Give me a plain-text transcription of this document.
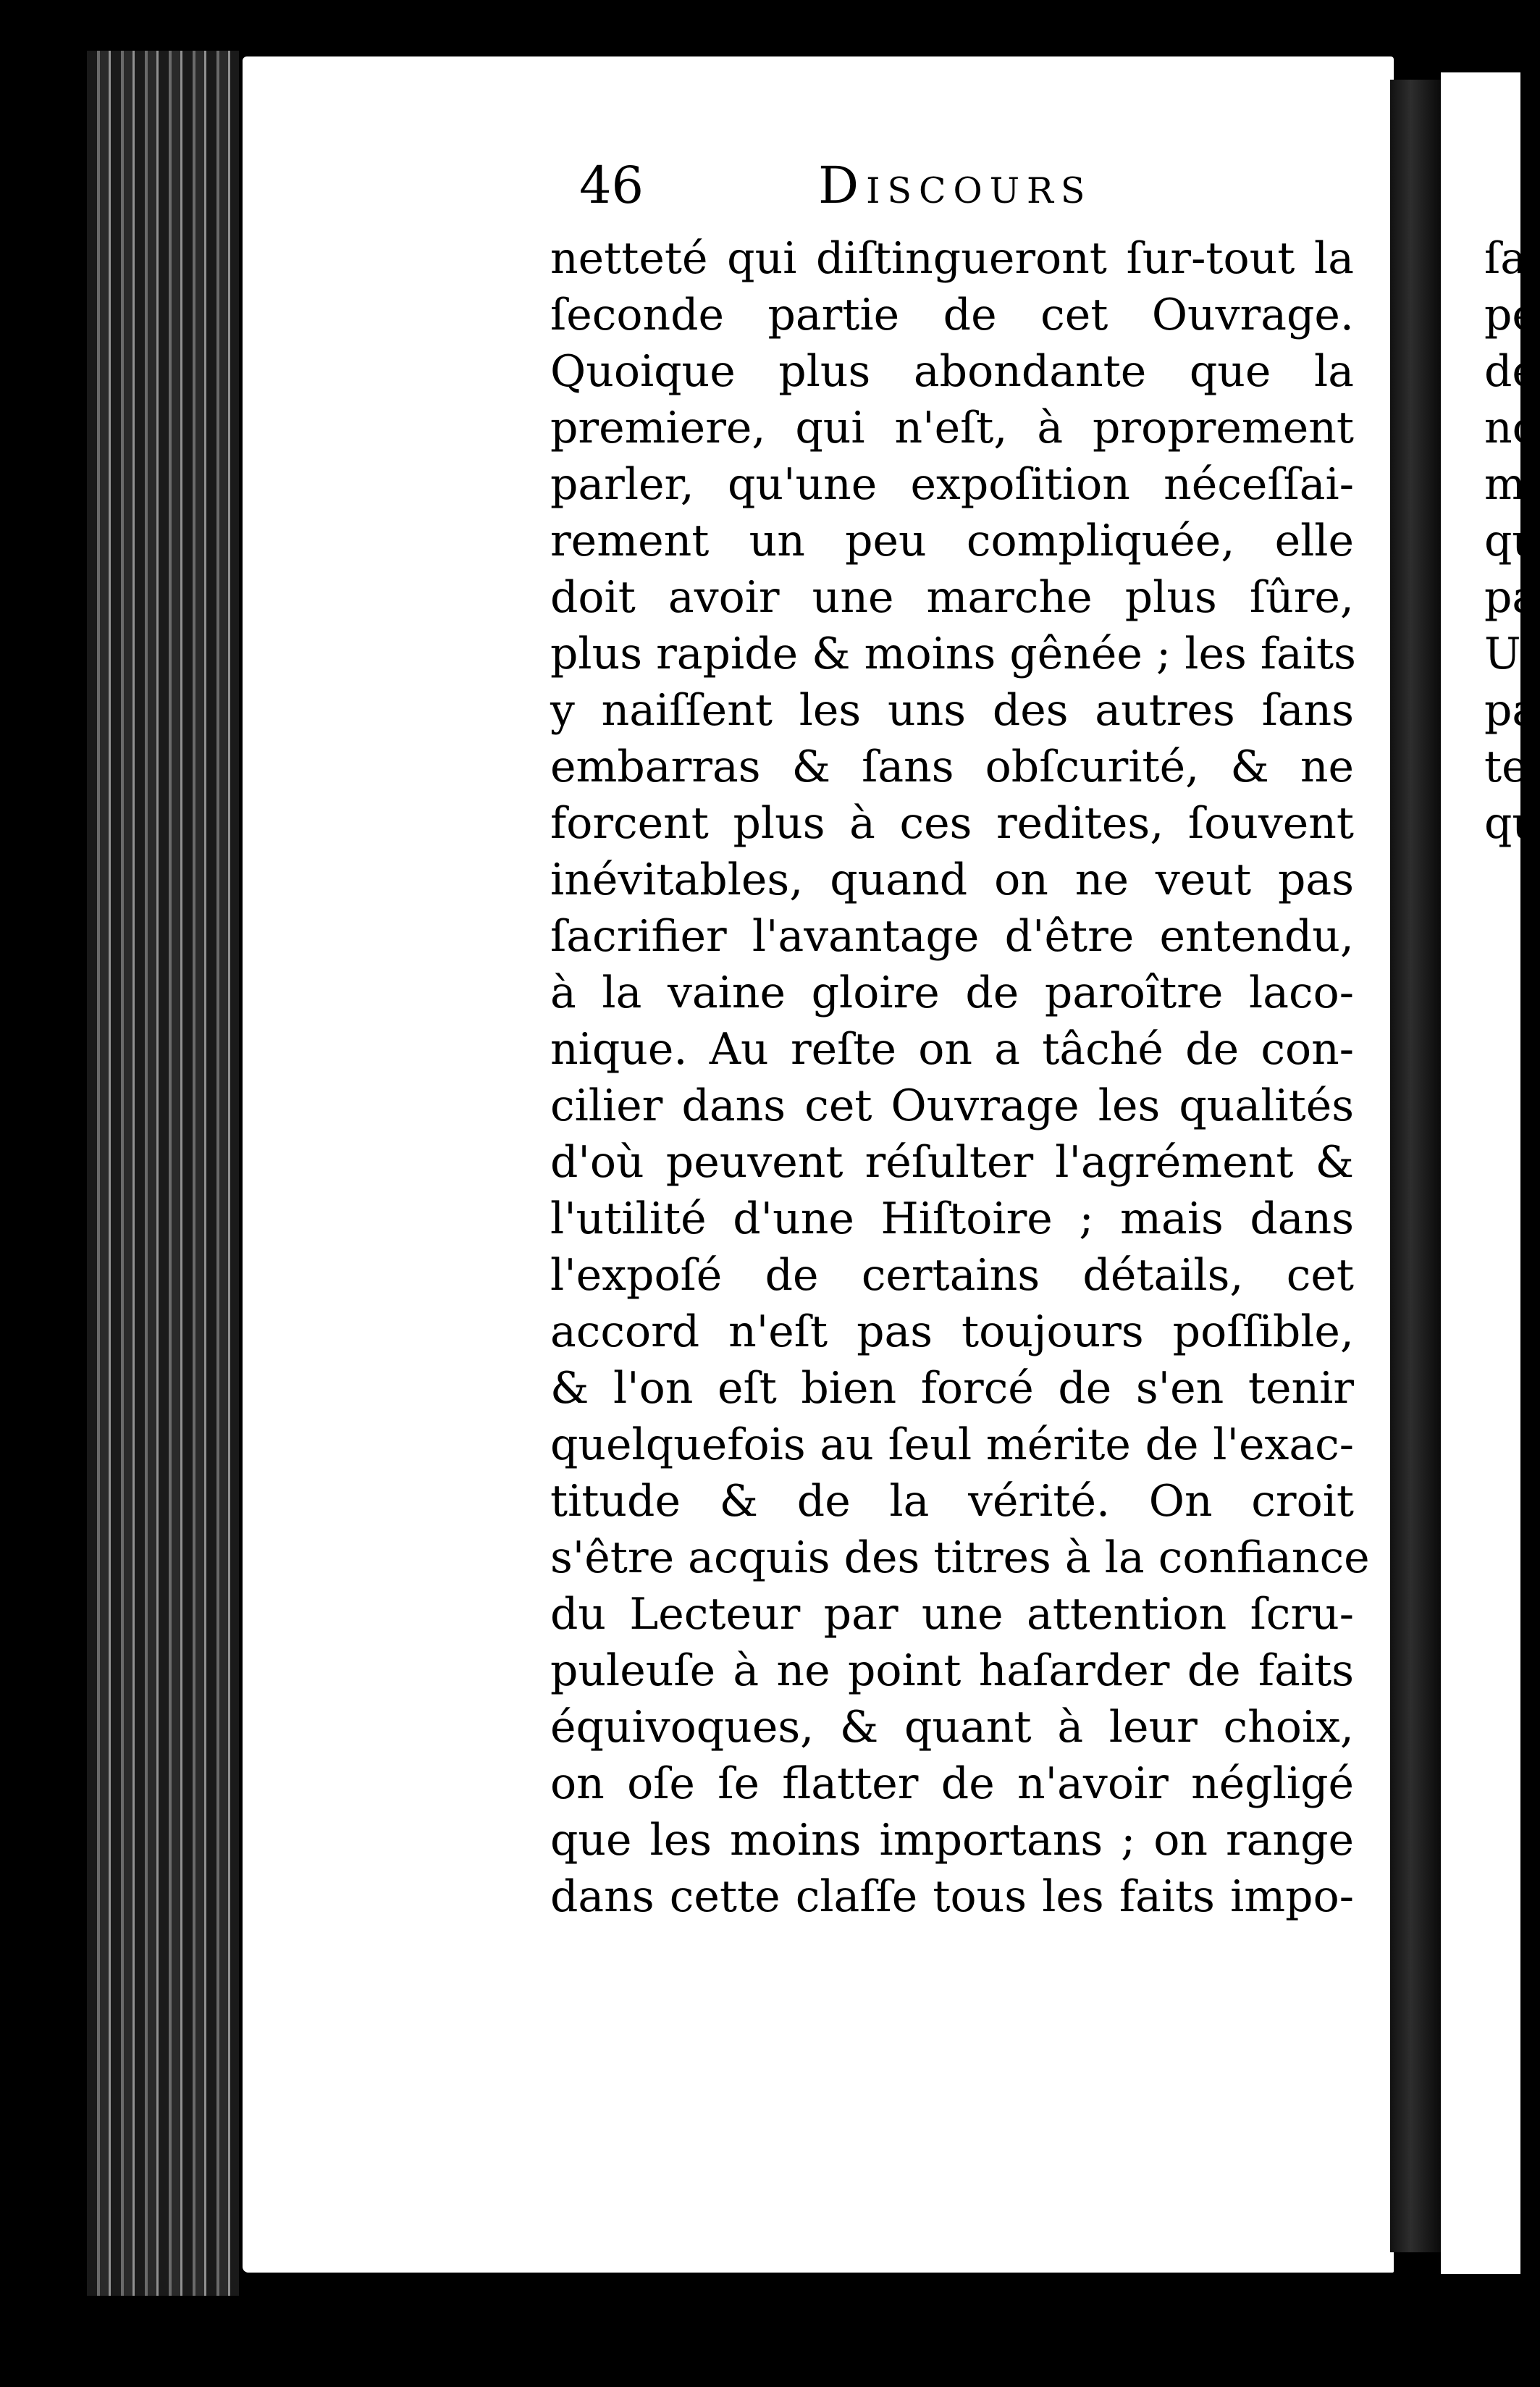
46	Discours
netteté qui diſtingueront ſur-tout la
ſeconde partie de cet Ouvrage.
Quoique plus abondante que la
premiere, qui n'eſt, à proprement
parler, qu'une expoſition néceſſai-
rement un peu compliquée, elle
doit avoir une marche plus ſûre,
plus rapide & moins gênée ; les faits
y naiſſent les uns des autres ſans
embarras & ſans obſcurité, & ne
forcent plus à ces redites, ſouvent
inévitables, quand on ne veut pas
ſacrifier l'avantage d'être entendu,
à la vaine gloire de paroître laco-
nique. Au reſte on a tâché de con-
cilier dans cet Ouvrage les qualités
d'où peuvent réſulter l'agrément &
l'utilité d'une Hiſtoire ; mais dans
l'expoſé de certains détails, cet
accord n'eſt pas toujours poſſible,
& l'on eſt bien forcé de s'en tenir
quelquefois au ſeul mérite de l'exac-
titude & de la vérité. On croit
s'être acquis des titres à la confiance
du Lecteur par une attention ſcru-
puleuſe à ne point haſarder de faits
équivoques, & quant à leur choix,
on oſe ſe flatter de n'avoir négligé
que les moins importans ; on range
dans cette claſſe tous les faits impo-
ſa
pe
de
nc
m
qu
pa
U
pa
te
qu
